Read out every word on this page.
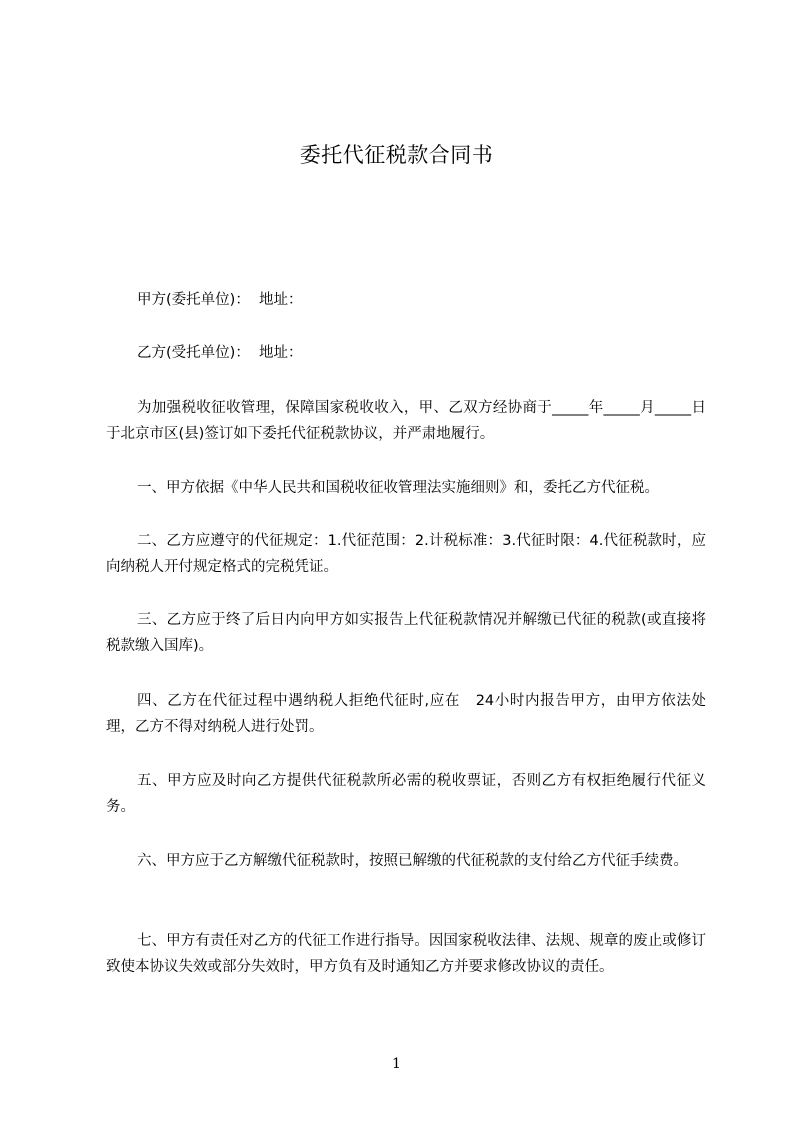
委托代征税款合同书
甲方(委托单位)：  地址：
乙方(受托单位)：  地址：
为加强税收征收管理，保障国家税收收入，甲、乙双方经协商于_____年_____月_____日于北京市区(县)签订如下委托代征税款协议，并严肃地履行。
一、甲方依据《中华人民共和国税收征收管理法实施细则》和，委托乙方代征税。
二、乙方应遵守的代征规定：1.代征范围：2.计税标准：3.代征时限：4.代征税款时，应向纳税人开付规定格式的完税凭证。
三、乙方应于终了后日内向甲方如实报告上代征税款情况并解缴已代征的税款(或直接将税款缴入国库)。
四、乙方在代征过程中遇纳税人拒绝代征时,应在   24小时内报告甲方，由甲方依法处理，乙方不得对纳税人进行处罚。
五、甲方应及时向乙方提供代征税款所必需的税收票证，否则乙方有权拒绝履行代征义务。
六、甲方应于乙方解缴代征税款时，按照已解缴的代征税款的支付给乙方代征手续费。
七、甲方有责任对乙方的代征工作进行指导。因国家税收法律、法规、规章的废止或修订致使本协议失效或部分失效时，甲方负有及时通知乙方并要求修改协议的责任。
1
